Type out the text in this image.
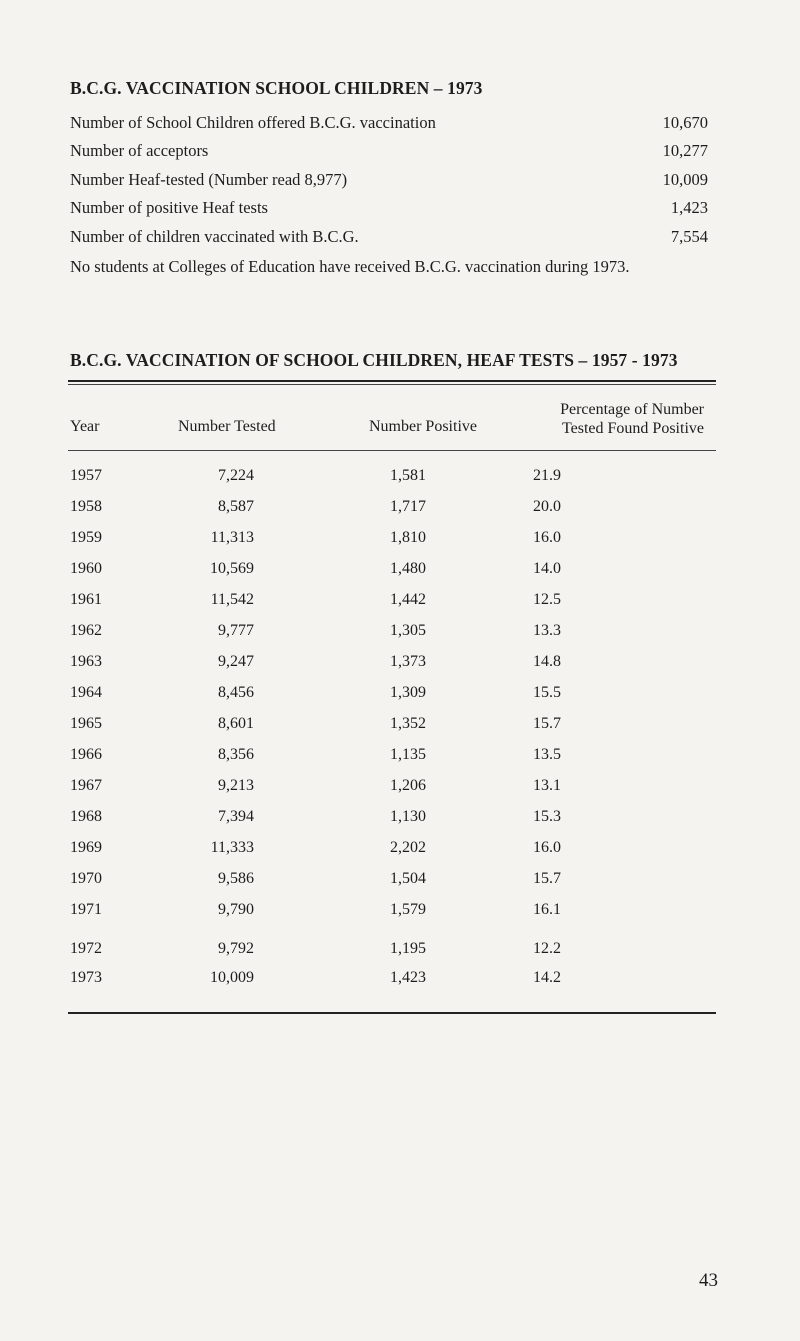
B.C.G. VACCINATION SCHOOL CHILDREN – 1973
Number of School Children offered B.C.G. vaccination	10,670
Number of acceptors	10,277
Number Heaf-tested (Number read 8,977)	10,009
Number of positive Heaf tests	1,423
Number of children vaccinated with B.C.G.	7,554
No students at Colleges of Education have received B.C.G. vaccination during 1973.
B.C.G. VACCINATION OF SCHOOL CHILDREN, HEAF TESTS – 1957 - 1973
Year	Number Tested	Number Positive
Percentage of Number
Tested Found Positive
1957	7,224	1,581	21.9
1958	8,587	1,717	20.0
1959	11,313	1,810	16.0
1960	10,569	1,480	14.0
1961	11,542	1,442	12.5
1962	9,777	1,305	13.3
1963	9,247	1,373	14.8
1964	8,456	1,309	15.5
1965	8,601	1,352	15.7
1966	8,356	1,135	13.5
1967	9,213	1,206	13.1
1968	7,394	1,130	15.3
1969	11,333	2,202	16.0
1970	9,586	1,504	15.7
1971	9,790	1,579	16.1
1972	9,792	1,195	12.2
1973	10,009	1,423	14.2
43
